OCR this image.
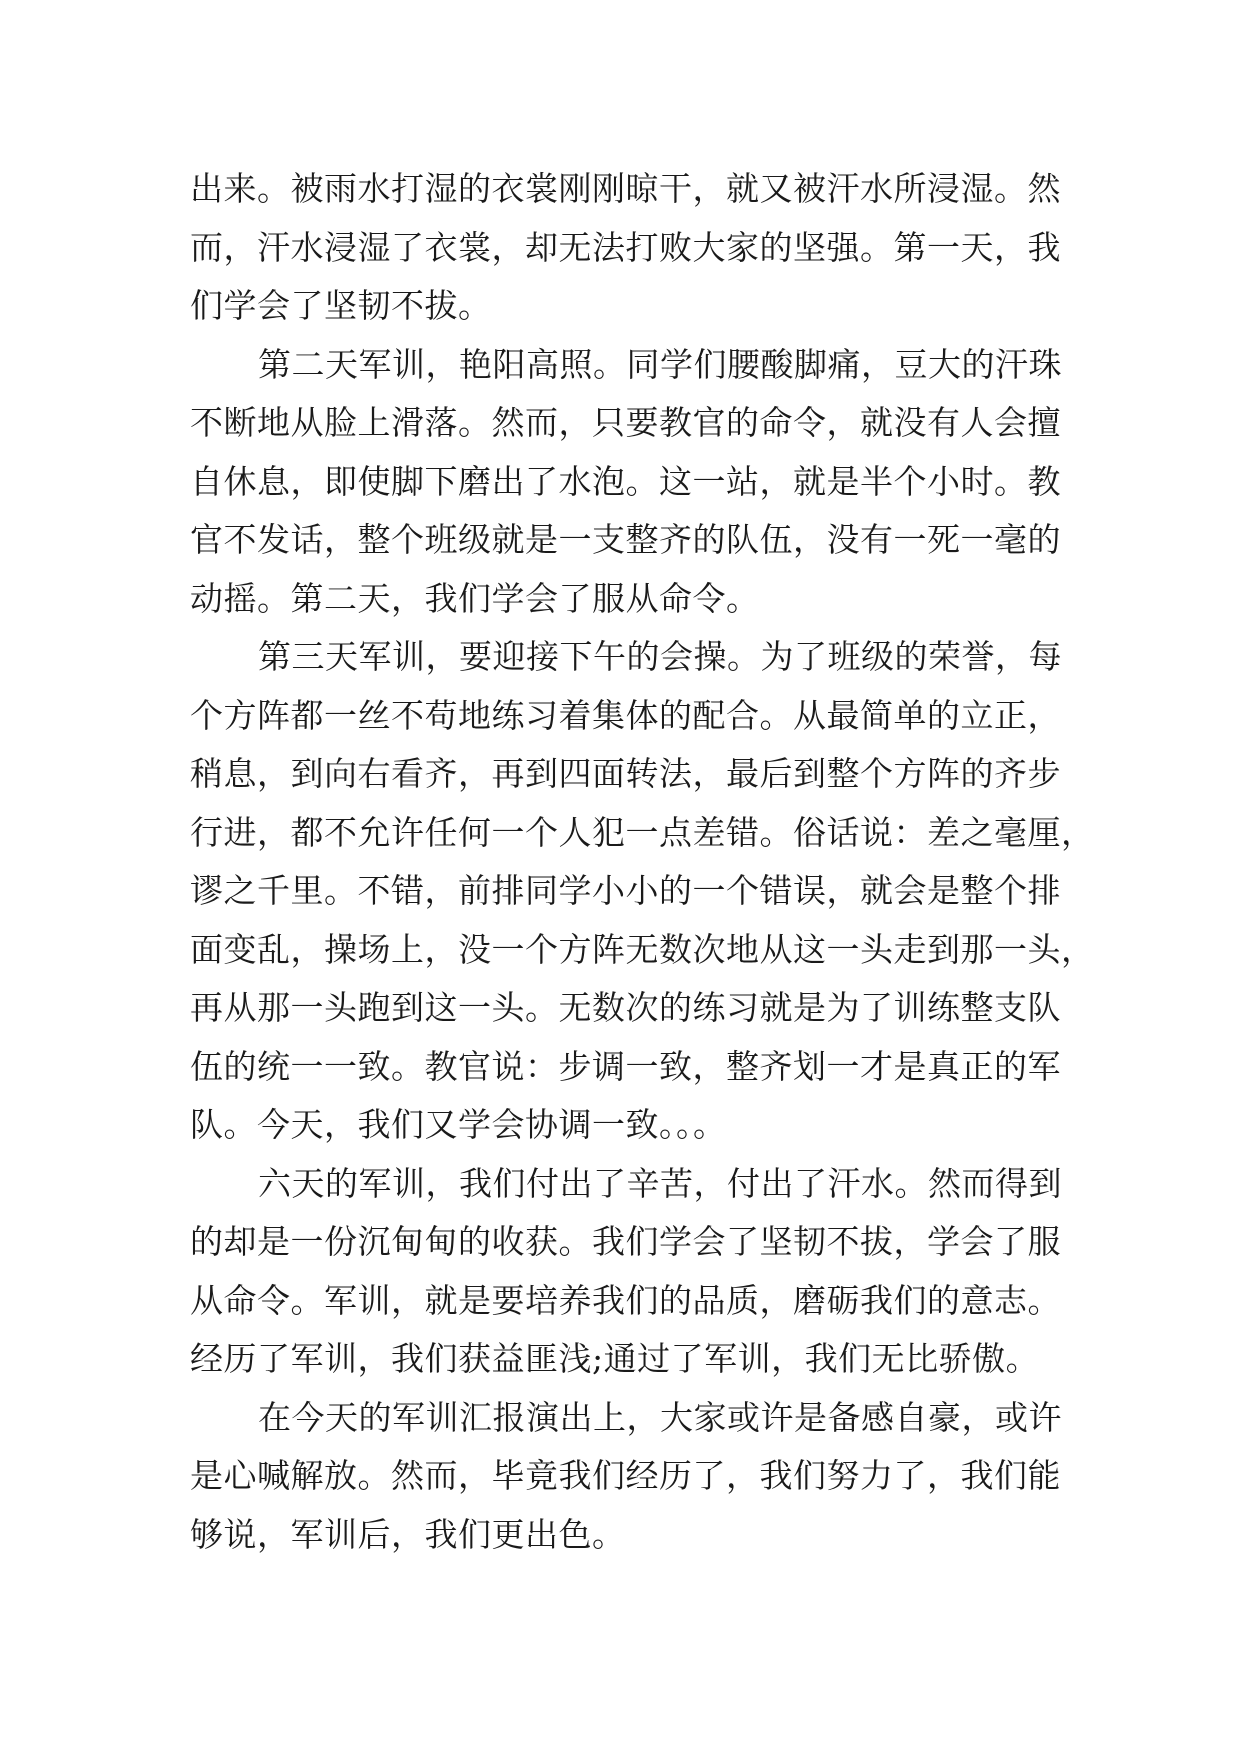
出来。被雨水打湿的衣裳刚刚晾干，就又被汗水所浸湿。然
而，汗水浸湿了衣裳，却无法打败大家的坚强。第一天，我
们学会了坚韧不拔。
第二天军训，艳阳高照。同学们腰酸脚痛，豆大的汗珠
不断地从脸上滑落。然而，只要教官的命令，就没有人会擅
自休息，即使脚下磨出了水泡。这一站，就是半个小时。教
官不发话，整个班级就是一支整齐的队伍，没有一死一毫的
动摇。第二天，我们学会了服从命令。
第三天军训，要迎接下午的会操。为了班级的荣誉，每
个方阵都一丝不苟地练习着集体的配合。从最简单的立正，
稍息，到向右看齐，再到四面转法，最后到整个方阵的齐步
行进，都不允许任何一个人犯一点差错。俗话说：差之毫厘，
谬之千里。不错，前排同学小小的一个错误，就会是整个排
面变乱，操场上，没一个方阵无数次地从这一头走到那一头，
再从那一头跑到这一头。无数次的练习就是为了训练整支队
伍的统一一致。教官说：步调一致，整齐划一才是真正的军
队。今天，我们又学会协调一致。。。
六天的军训，我们付出了辛苦，付出了汗水。然而得到
的却是一份沉甸甸的收获。我们学会了坚韧不拔，学会了服
从命令。军训，就是要培养我们的品质，磨砺我们的意志。
经历了军训，我们获益匪浅;通过了军训，我们无比骄傲。
在今天的军训汇报演出上，大家或许是备感自豪，或许
是心喊解放。然而，毕竟我们经历了，我们努力了，我们能
够说，军训后，我们更出色。
